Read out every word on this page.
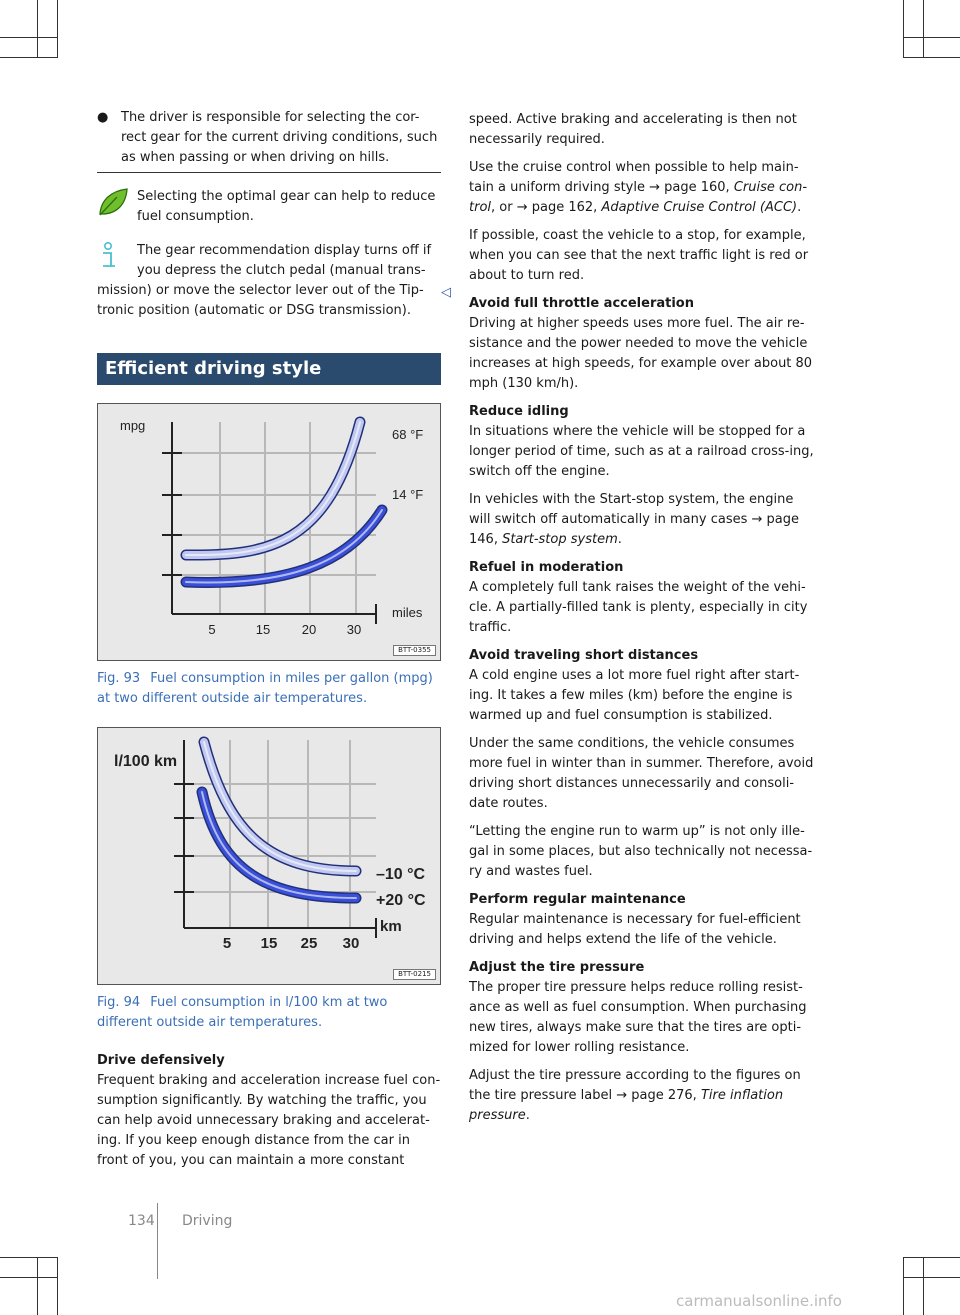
● The driver is responsible for selecting the cor-rect gear for the current driving conditions, such as when passing or when driving on hills.
Selecting the optimal gear can help to reduce fuel consumption.
The gear recommendation display turns off if you depress the clutch pedal (manual trans-
mission) or move the selector lever out of the Tip-tronic position (automatic or DSG transmission).
Efficient driving style
mpg
miles
68 °F
14 °F
5	15 20 30
BTT-0355
Fig. 93 Fuel consumption in miles per gallon (mpg) at two different outside air temperatures.
l/100 km
km
–10 °C
+20 °C
5 15 25 30
BTT-0215
Fig. 94 Fuel consumption in l/100 km at two different outside air temperatures.
Drive defensively

Frequent braking and acceleration increase fuel con-sumption significantly. By watching the traffic, you can help avoid unnecessary braking and accelerat-ing. If you keep enough distance from the car in front of you, you can maintain a more constant

◁

speed. Active braking and accelerating is then not necessarily required.

Use the cruise control when possible to help main-tain a uniform driving style → page 160, Cruise con-trol, or → page 162, Adaptive Cruise Control (ACC).

If possible, coast the vehicle to a stop, for example, when you can see that the next traffic light is red or about to turn red.

Avoid full throttle acceleration

Driving at higher speeds uses more fuel. The air re-sistance and the power needed to move the vehicle increases at high speeds, for example over about 80 mph (130 km/h).

Reduce idling

In situations where the vehicle will be stopped for a longer period of time, such as at a railroad cross-ing, switch off the engine.

In vehicles with the Start-stop system, the engine will switch off automatically in many cases → page 146, Start-stop system.

Refuel in moderation

A completely full tank raises the weight of the vehi-cle. A partially-filled tank is plenty, especially in city traffic.

Avoid traveling short distances

A cold engine uses a lot more fuel right after start-ing. It takes a few miles (km) before the engine is warmed up and fuel consumption is stabilized.

Under the same conditions, the vehicle consumes more fuel in winter than in summer. Therefore, avoid driving short distances unnecessarily and consoli-date routes.

“Letting the engine run to warm up” is not only ille-gal in some places, but also technically not necessa-ry and wastes fuel.

Perform regular maintenance

Regular maintenance is necessary for fuel-efficient driving and helps extend the life of the vehicle.

Adjust the tire pressure

The proper tire pressure helps reduce rolling resist-ance as well as fuel consumption. When purchasing new tires, always make sure that the tires are opti-mized for lower rolling resistance.

Adjust the tire pressure according to the figures on the tire pressure label → page 276, Tire inflation pressure.

134 Driving
carmanualsonline.info
